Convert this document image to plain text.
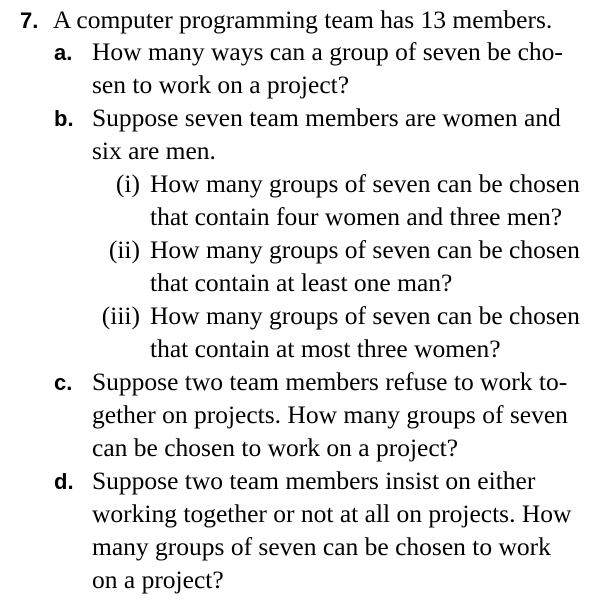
7. A computer programming team has 13 members.
a. How many ways can a group of seven be cho-
sen to work on a project?
b. Suppose seven team members are women and
six are men.
(i) How many groups of seven can be chosen
that contain four women and three men?
(ii) How many groups of seven can be chosen
that contain at least one man?
(iii) How many groups of seven can be chosen
that contain at most three women?
c. Suppose two team members refuse to work to-
gether on projects. How many groups of seven
can be chosen to work on a project?
d. Suppose two team members insist on either
working together or not at all on projects. How
many groups of seven can be chosen to work
on a project?
